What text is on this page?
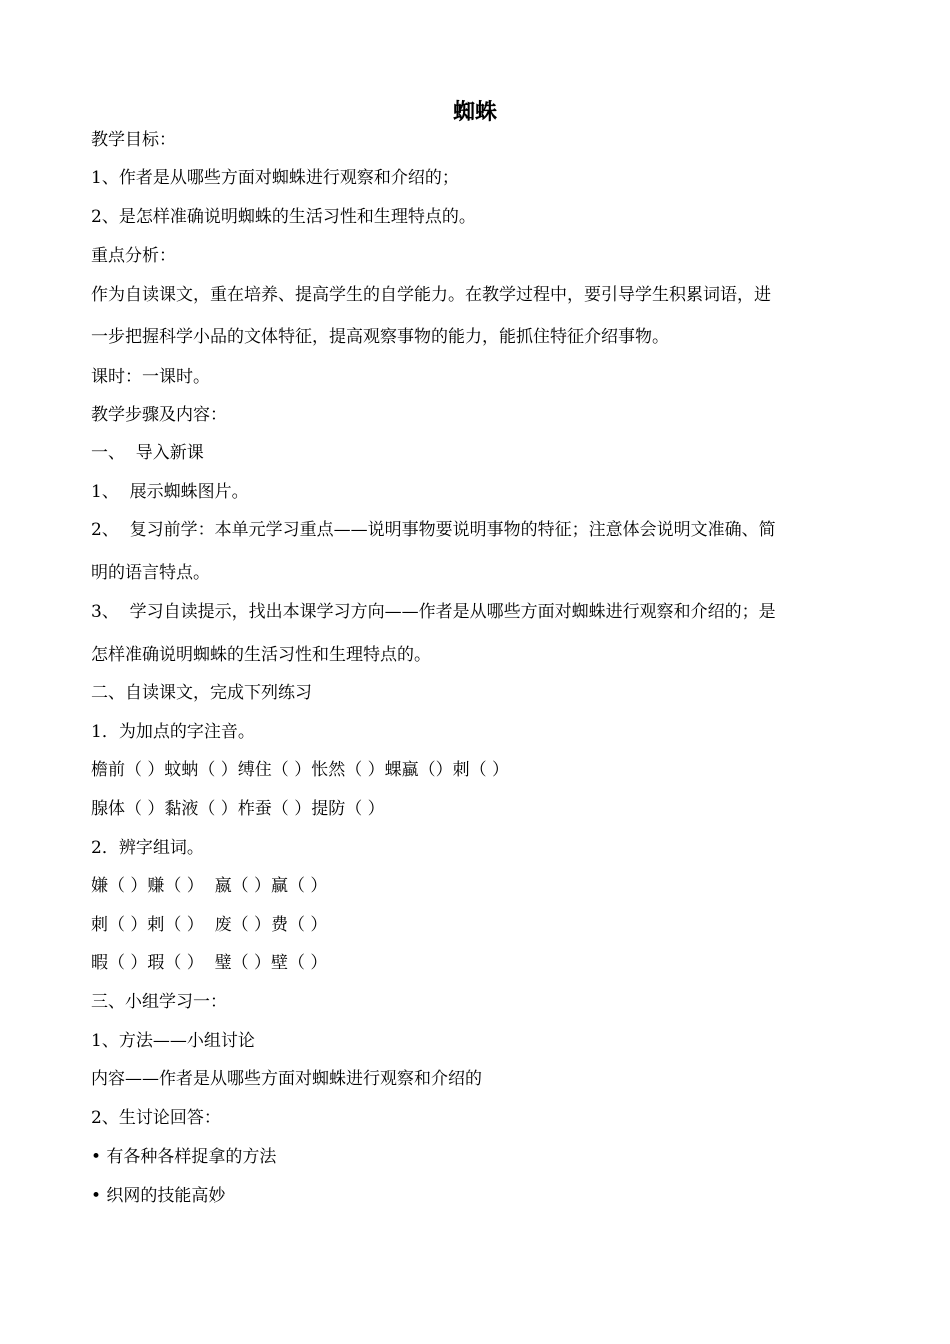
蜘蛛

教学目标：

1、作者是从哪些方面对蜘蛛进行观察和介绍的；

2、是怎样准确说明蜘蛛的生活习性和生理特点的。

重点分析：

作为自读课文，重在培养、提高学生的自学能力。在教学过程中，要引导学生积累词语，进

一步把握科学小品的文体特征，提高观察事物的能力，能抓住特征介绍事物。

课时：一课时。

教学步骤及内容：

一、  导入新课

1、  展示蜘蛛图片。

2、  复习前学：本单元学习重点——说明事物要说明事物的特征；注意体会说明文准确、简

明的语言特点。

3、  学习自读提示，找出本课学习方向——作者是从哪些方面对蜘蛛进行观察和介绍的；是

怎样准确说明蜘蛛的生活习性和生理特点的。

二、自读课文，完成下列练习

1．为加点的字注音。

檐前（ ）蚊蚋（ ）缚住（ ）怅然（ ）蜾蠃（）刺（ ）

腺体（ ）黏液（ ）柞蚕（ ）提防（ ）

2．辨字组词。

嫌（ ）赚（ ）  嬴（ ）赢（ ）

刺（ ）剌（ ）  废（ ）费（ ）

暇（ ）瑕（ ）  璧（ ）壁（ ）

三、小组学习一：

1、方法——小组讨论

内容——作者是从哪些方面对蜘蛛进行观察和介绍的

2、生讨论回答：

• 有各种各样捉拿的方法
• 织网的技能高妙
